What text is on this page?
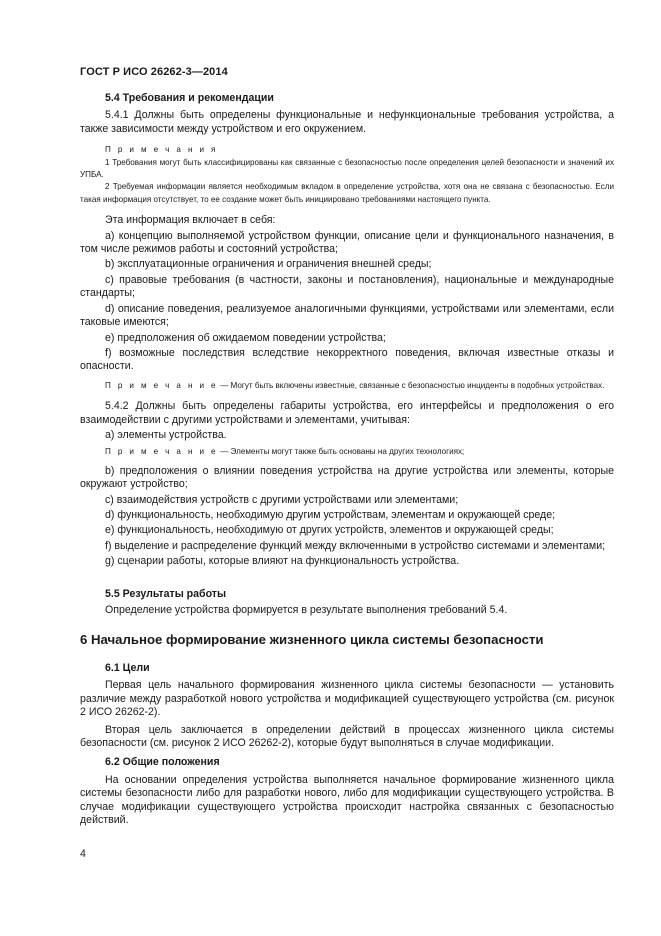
ГОСТ Р ИСО 26262-3—2014

5.4 Требования и рекомендации

5.4.1 Должны быть определены функциональные и нефункциональные требования устройства, а также зависимости между устройством и его окружением.

П р и м е ч а н и я

1 Требования могут быть классифицированы как связанные с безопасностью после определения целей безопасности и значений их УПБА.

2 Требуемая информации является необходимым вкладом в определение устройства, хотя она не связана с безопасностью. Если такая информация отсутствует, то ее создание может быть инициировано требованиями настоящего пункта.

Эта информация включает в себя:

a) концепцию выполняемой устройством функции, описание цели и функционального назначения, в том числе режимов работы и состояний устройства;

b) эксплуатационные ограничения и ограничения внешней среды;

c) правовые требования (в частности, законы и постановления), национальные и международные стандарты;

d) описание поведения, реализуемое аналогичными функциями, устройствами или элементами, если таковые имеются;

e) предположения об ожидаемом поведении устройства;

f) возможные последствия вследствие некорректного поведения, включая известные отказы и опасности.

П р и м е ч а н и е — Могут быть включены известные, связанные с безопасностью инциденты в подобных устройствах.

5.4.2 Должны быть определены габариты устройства, его интерфейсы и предположения о его взаимодействии с другими устройствами и элементами, учитывая:

a) элементы устройства.

П р и м е ч а н и е — Элементы могут также быть основаны на других технологиях;

b) предположения о влиянии поведения устройства на другие устройства или элементы, которые окружают устройство;

c) взаимодействия устройств с другими устройствами или элементами;

d) функциональность, необходимую другим устройствам, элементам и окружающей среде;

e) функциональность, необходимую от других устройств, элементов и окружающей среды;

f) выделение и распределение функций между включенными в устройство системами и элементами;

g) сценарии работы, которые влияют на функциональность устройства.

5.5 Результаты работы

Определение устройства формируется в результате выполнения требований 5.4.

6 Начальное формирование жизненного цикла системы безопасности

6.1 Цели

Первая цель начального формирования жизненного цикла системы безопасности — установить различие между разработкой нового устройства и модификацией существующего устройства (см. рисунок 2 ИСО 26262-2).

Вторая цель заключается в определении действий в процессах жизненного цикла системы безопасности (см. рисунок 2 ИСО 26262-2), которые будут выполняться в случае модификации.

6.2 Общие положения

На основании определения устройства выполняется начальное формирование жизненного цикла системы безопасности либо для разработки нового, либо для модификации существующего устройства. В случае модификации существующего устройства происходит настройка связанных с безопасностью действий.

4
